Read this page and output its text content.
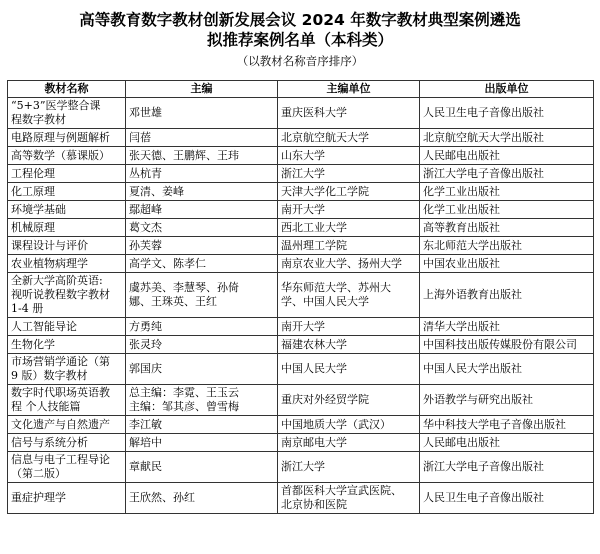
高等教育数字教材创新发展会议 2024 年数字教材典型案例遴选

拟推荐案例名单（本科类）

（以教材名称音序排序）

教材名称	主编	主编单位	出版单位
“5+3”医学整合课
程数字教材	邓世雄	重庆医科大学	人民卫生电子音像出版社
电路原理与例题解析	闫蓓	北京航空航天大学	北京航空航天大学出版社
高等数学（慕课版）	张天德、王鹏辉、王玮	山东大学	人民邮电出版社
工程伦理	丛杭青	浙江大学	浙江大学电子音像出版社
化工原理	夏清、姜峰	天津大学化工学院	化学工业出版社
环境学基础	鄢超峰	南开大学	化学工业出版社
机械原理	葛文杰	西北工业大学	高等教育出版社
课程设计与评价	孙芙蓉	温州理工学院	东北师范大学出版社
农业植物病理学	高学文、陈孝仁	南京农业大学、扬州大学	中国农业出版社
全新大学高阶英语:
视听说教程数字教材
1-4 册	虞苏美、李慧琴、孙倚
娜、王珠英、王红	华东师范大学、苏州大
学、中国人民大学	上海外语教育出版社
人工智能导论	方勇纯	南开大学	清华大学出版社
生物化学	张灵玲	福建农林大学	中国科技出版传媒股份有限公司
市场营销学通论（第
9 版）数字教材	郭国庆	中国人民大学	中国人民大学出版社
数字时代职场英语教
程 个人技能篇	总主编：李霓、王玉云
主编：邹其彦、曾雪梅	重庆对外经贸学院	外语教学与研究出版社
文化遗产与自然遗产	李江敏	中国地质大学（武汉）	华中科技大学电子音像出版社
信号与系统分析	解培中	南京邮电大学	人民邮电出版社
信息与电子工程导论
（第二版）	章献民	浙江大学	浙江大学电子音像出版社
重症护理学	王欣然、孙红	首都医科大学宣武医院、
北京协和医院	人民卫生电子音像出版社
